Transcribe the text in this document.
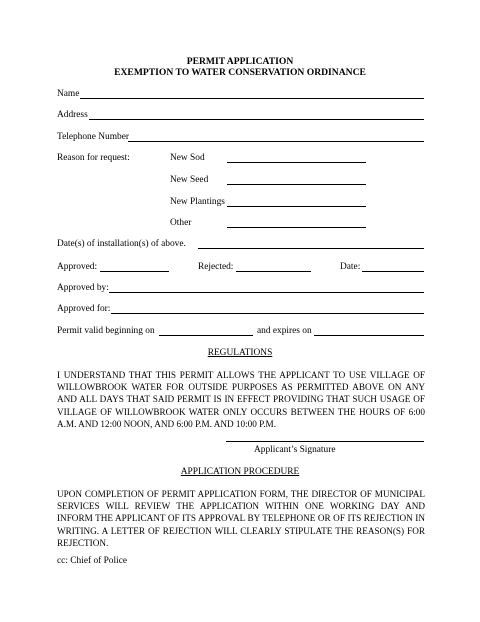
PERMIT APPLICATION
EXEMPTION TO WATER CONSERVATION ORDINANCE
Name
Address
Telephone Number
Reason for request:	New Sod
New Seed
New Plantings
Other
Date(s) of installation(s) of above.
Approved:	Rejected:	Date:
Approved by:
Approved for:
Permit valid beginning on	and expires on
REGULATIONS
I UNDERSTAND THAT THIS PERMIT ALLOWS THE APPLICANT TO USE VILLAGE OF WILLOWBROOK WATER FOR OUTSIDE PURPOSES AS PERMITTED ABOVE ON ANY AND ALL DAYS THAT SAID PERMIT IS IN EFFECT PROVIDING THAT SUCH USAGE OF VILLAGE OF WILLOWBROOK WATER ONLY OCCURS BETWEEN THE HOURS OF 6:00 A.M. AND 12:00 NOON, AND 6:00 P.M. AND 10:00 P.M.
Applicant’s Signature
APPLICATION PROCEDURE
UPON COMPLETION OF PERMIT APPLICATION FORM, THE DIRECTOR OF MUNICIPAL SERVICES WILL REVIEW THE APPLICATION WITHIN ONE WORKING DAY AND INFORM THE APPLICANT OF ITS APPROVAL BY TELEPHONE OR OF ITS REJECTION IN WRITING. A LETTER OF REJECTION WILL CLEARLY STIPULATE THE REASON(S) FOR REJECTION.
cc: Chief of Police
